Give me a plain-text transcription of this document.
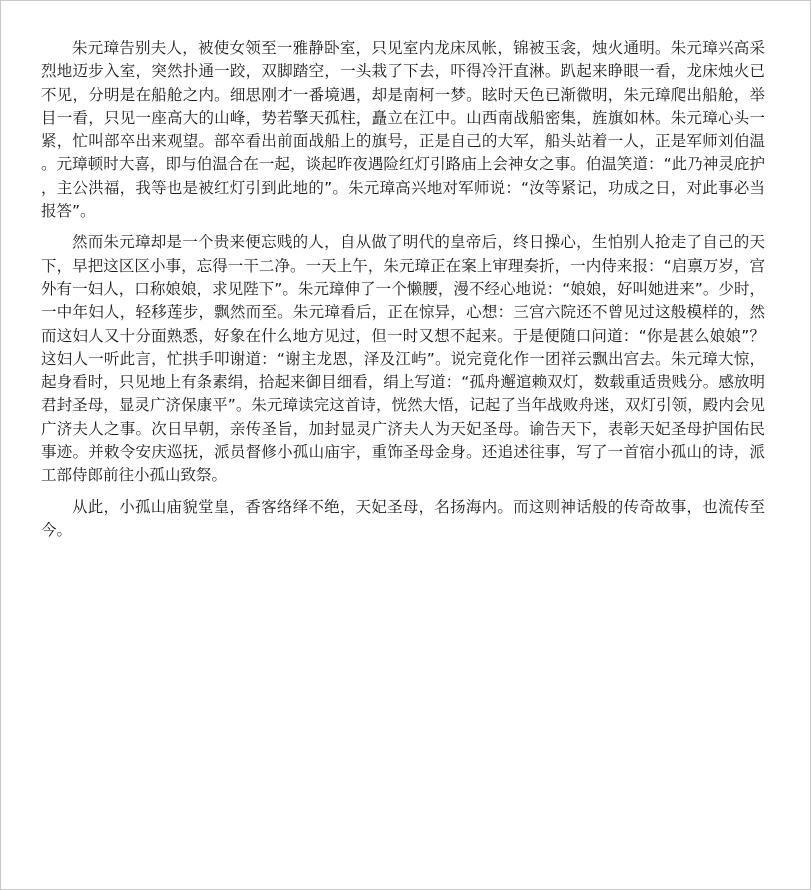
朱元璋告别夫人，被使女领至一雅静卧室，只见室内龙床凤帐，锦被玉衾，烛火通明。朱元璋兴高采烈地迈步入室，突然扑通一跤，双脚踏空，一头栽了下去，吓得冷汗直淋。趴起来睁眼一看，龙床烛火已不见，分明是在船舱之内。细思刚才一番境遇，却是南柯一梦。眩时天色已渐微明，朱元璋爬出船舱，举目一看，只见一座高大的山峰，势若擎天孤柱，矗立在江中。山西南战船密集，旌旗如林。朱元璋心头一紧，忙叫部卒出来观望。部卒看出前面战船上的旗号，正是自己的大军，船头站着一人，正是军师刘伯温。元璋顿时大喜，即与伯温合在一起，谈起昨夜遇险红灯引路庙上会神女之事。伯温笑道：“此乃神灵庇护，主公洪福，我等也是被红灯引到此地的”。朱元璋高兴地对军师说：“汝等紧记，功成之日，对此事必当报答”。

然而朱元璋却是一个贵来便忘贱的人，自从做了明代的皇帝后，终日操心，生怕别人抢走了自己的天下，早把这区区小事，忘得一干二净。一天上午，朱元璋正在案上审理奏折，一内侍来报：“启禀万岁，宫外有一妇人，口称娘娘，求见陛下”。朱元璋伸了一个懒腰，漫不经心地说：“娘娘，好叫她进来”。少时，一中年妇人，轻移莲步，飘然而至。朱元璋看后，正在惊异，心想：三宫六院还不曾见过这般模样的，然而这妇人又十分面熟悉，好象在什么地方见过，但一时又想不起来。于是便随口问道：“你是甚么娘娘”？这妇人一听此言，忙拱手叩谢道：“谢主龙恩，泽及江屿”。说完竟化作一团祥云飘出宫去。朱元璋大惊，起身看时，只见地上有条素绢，拾起来御目细看，绢上写道：“孤舟邂逭赖双灯，数载重适贵贱分。感放明君封圣母，显灵广济保康平”。朱元璋读完这首诗，恍然大悟，记起了当年战败舟迷，双灯引领，殿内会见广济夫人之事。次日早朝，亲传圣旨，加封显灵广济夫人为天妃圣母。谕告天下，表彰天妃圣母护国佑民事迹。并敕令安庆巡抚，派员督修小孤山庙宇，重饰圣母金身。还追述往事，写了一首宿小孤山的诗，派工部侍郎前往小孤山致祭。

从此，小孤山庙貌堂皇，香客络绎不绝，天妃圣母，名扬海内。而这则神话般的传奇故事，也流传至今。
